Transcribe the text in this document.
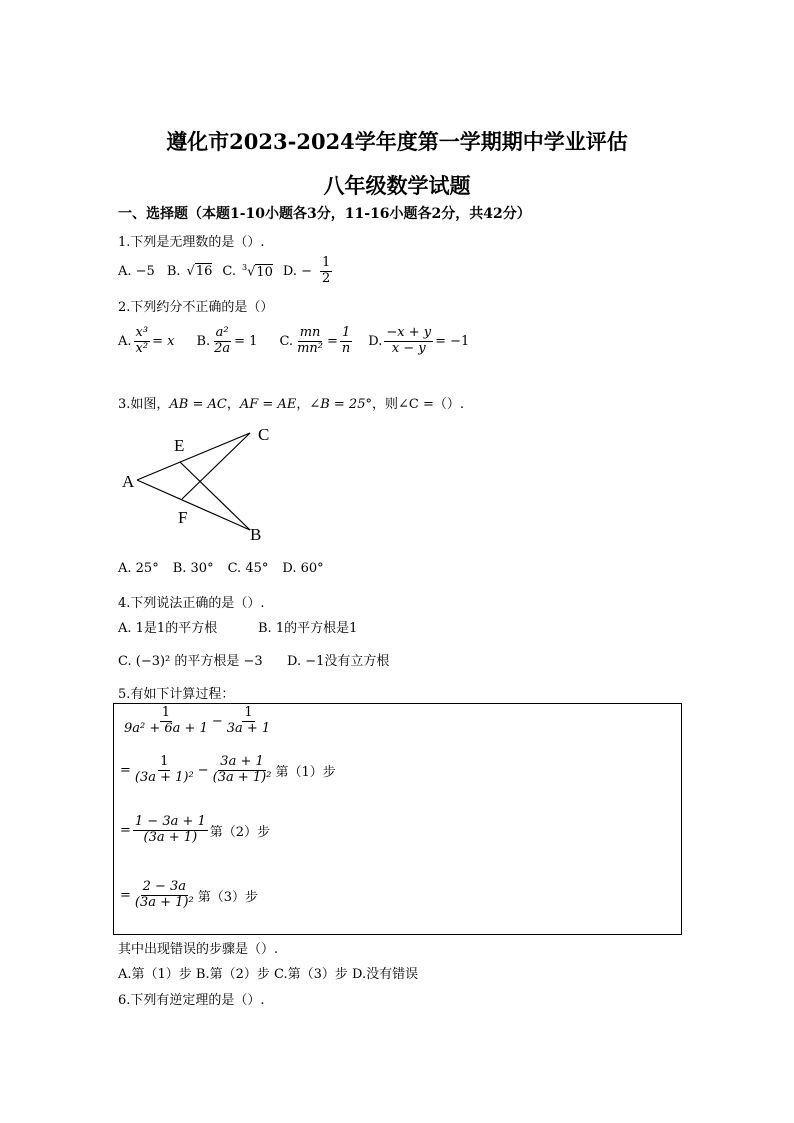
遵化市2023-2024学年度第一学期期中学业评估
八年级数学试题
一、选择题（本题1-10小题各3分，11-16小题各2分，共42分）
1.下列是无理数的是（）.
A. −5 B. √16 C. $^3$√10 D. − $\frac{1}{2}$
2.下列约分不正确的是（）
A. $\frac{\text{x³}}{\text{x²}} = x$ B. $\frac{\text{a²}}{2a} = 1$ C. $\frac{mn}{\text{mn²}} = \frac{1}{n} D$. $\frac{-x + y}{x - y} = -1$
3.如图，AB = AC，AF = AE，∠B = 25°，则∠C =（）.
A
E
C
F
B
A. 25° B. 30° C. 45° D. 60°
4.下列说法正确的是（）.
A. 1是1的平方根	B. 1的平方根是1
C. (−3)² 的平方根是 −3 D. −1没有立方根
5.有如下计算过程：
$\frac{1}{\text{9a² + 6a + 1}} - \frac{1}{3a + 1}$
= $\frac{1}{\text{(3a + 1)²}} - \frac{3a + 1}{\text{(3a + 1)²}}$ 第（1）步
= $\frac{1 - 3a + 1}{(3a + 1)}$ 第（2）步
= $\frac{2 - 3a}{\text{(3a + 1)²}}$ 第（3）步
其中出现错误的步骤是（）.
A.第（1）步 B.第（2）步 C.第（3）步 D.没有错误
6.下列有逆定理的是（）.
